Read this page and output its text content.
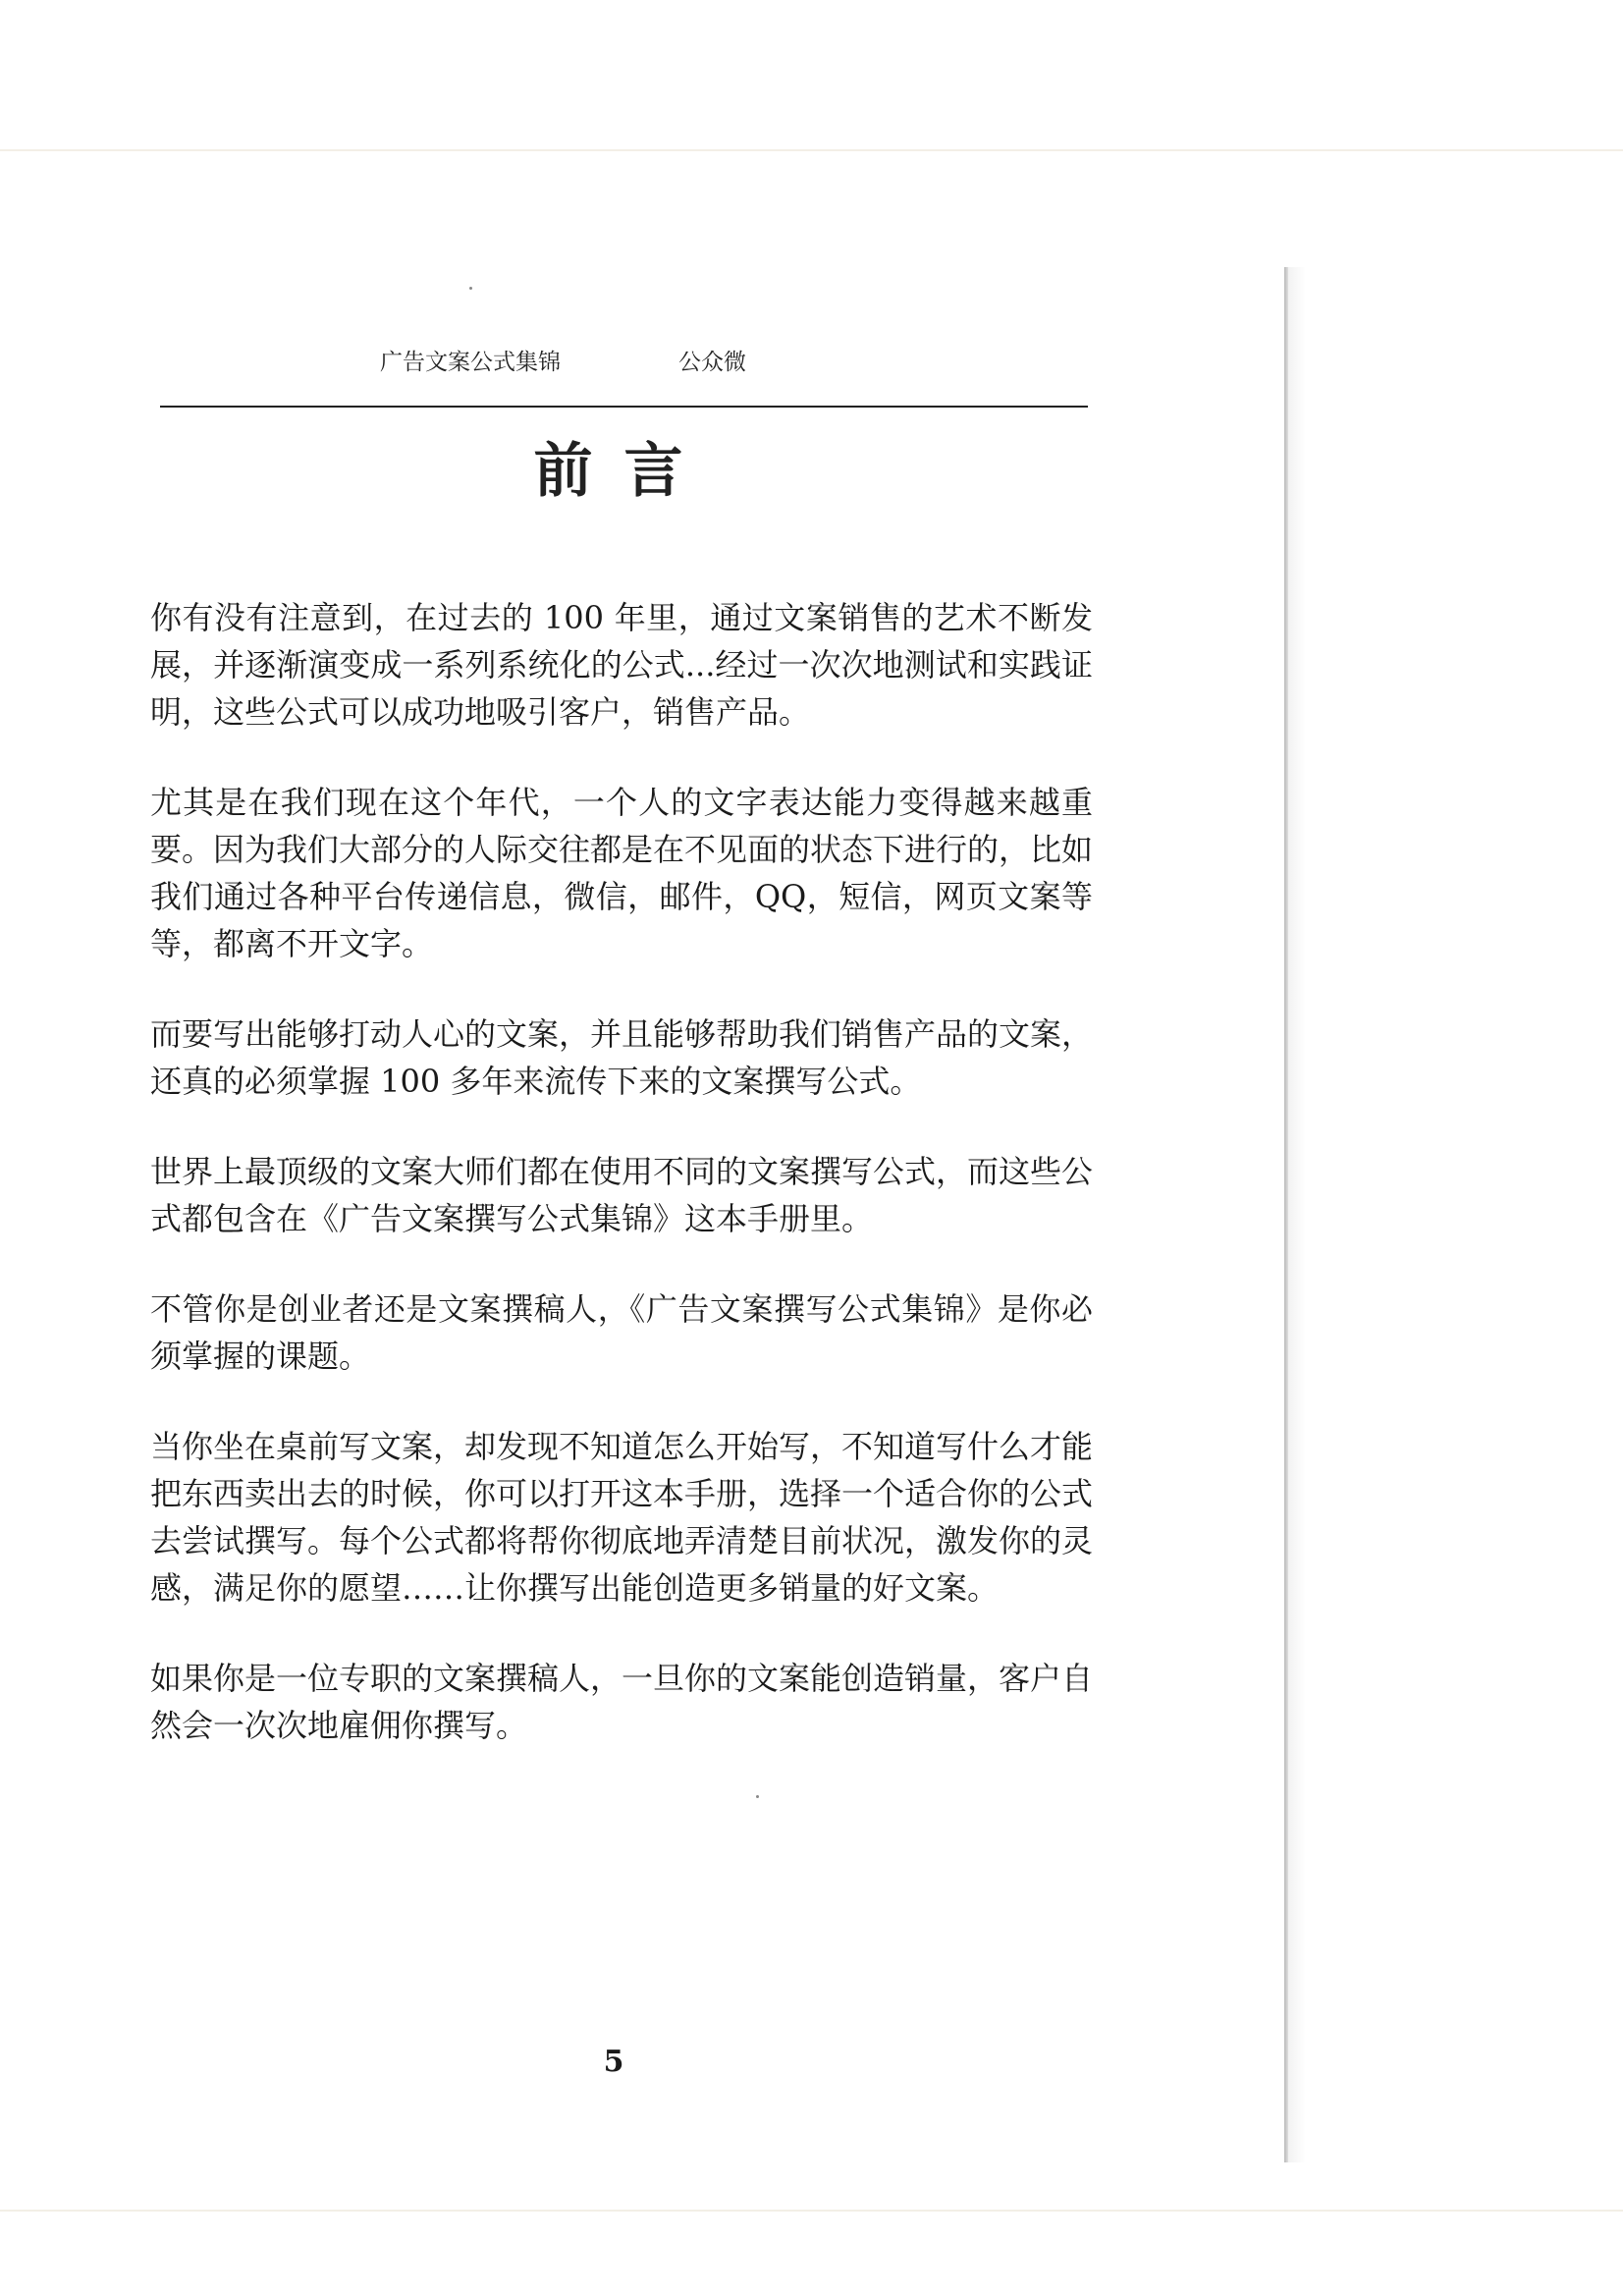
广告文案公式集锦	公众微
前言

你有没有注意到，在过去的 100 年里，通过文案销售的艺术不断发展，并逐渐演变成一系列系统化的公式...经过一次次地测试和实践证明，这些公式可以成功地吸引客户，销售产品。

尤其是在我们现在这个年代，一个人的文字表达能力变得越来越重要。因为我们大部分的人际交往都是在不见面的状态下进行的，比如我们通过各种平台传递信息，微信，邮件，QQ，短信，网页文案等等，都离不开文字。

而要写出能够打动人心的文案，并且能够帮助我们销售产品的文案，还真的必须掌握 100 多年来流传下来的文案撰写公式。

世界上最顶级的文案大师们都在使用不同的文案撰写公式，而这些公式都包含在《广告文案撰写公式集锦》这本手册里。

不管你是创业者还是文案撰稿人，《广告文案撰写公式集锦》是你必须掌握的课题。

当你坐在桌前写文案，却发现不知道怎么开始写，不知道写什么才能把东西卖出去的时候，你可以打开这本手册，选择一个适合你的公式去尝试撰写。每个公式都将帮你彻底地弄清楚目前状况，激发你的灵感，满足你的愿望……让你撰写出能创造更多销量的好文案。

如果你是一位专职的文案撰稿人，一旦你的文案能创造销量，客户自然会一次次地雇佣你撰写。

5
